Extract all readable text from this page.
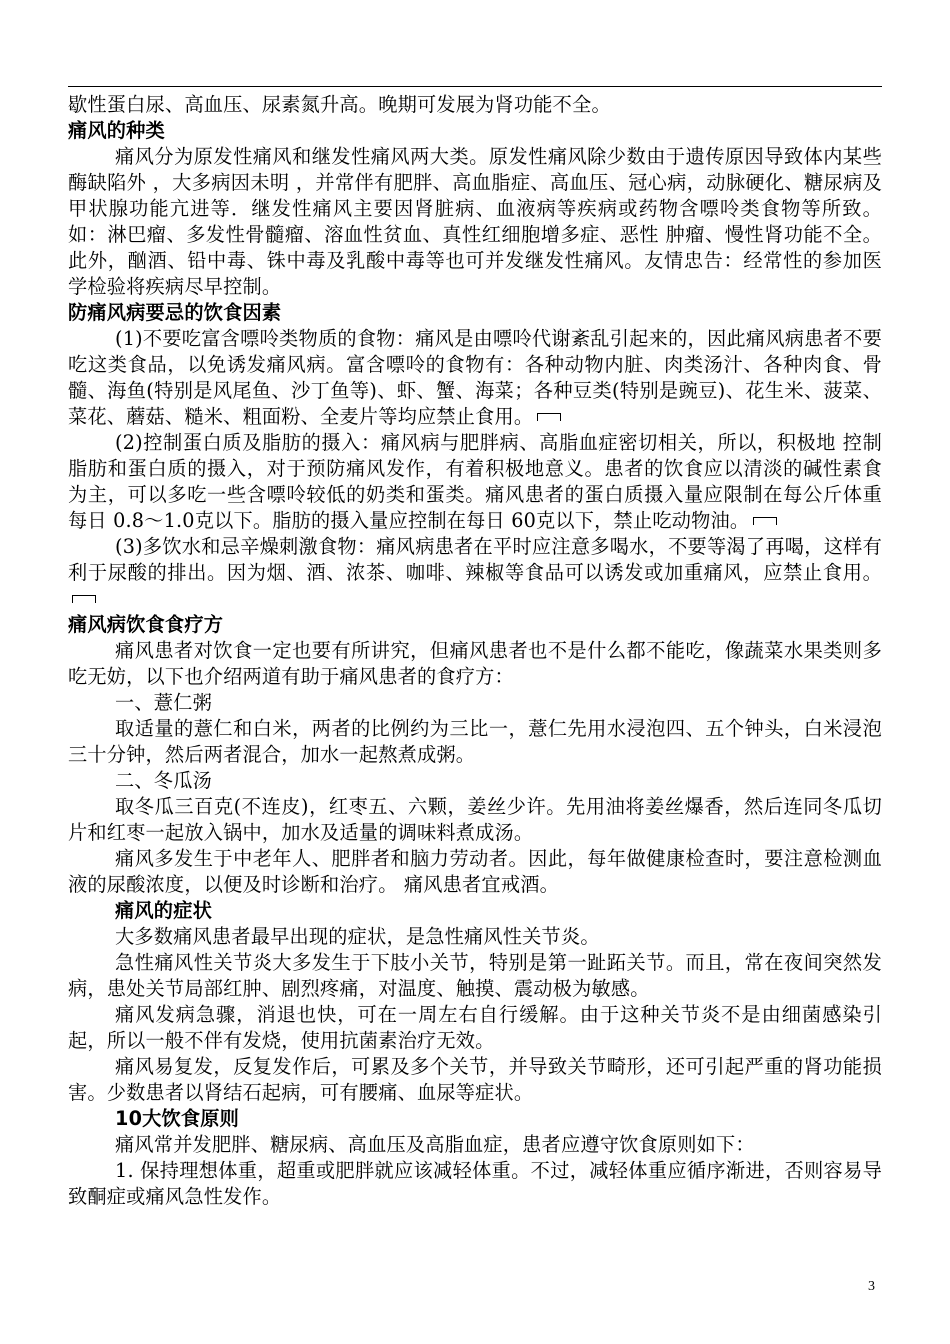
歇性蛋白尿、高血压、尿素氮升高。晚期可发展为肾功能不全。

痛风的种类

痛风分为原发性痛风和继发性痛风两大类。原发性痛风除少数由于遗传原因导致体内某些酶缺陷外 ，大多病因未明 ，并常伴有肥胖、高血脂症、高血压、冠心病，动脉硬化、糖尿病及甲状腺功能亢进等．继发性痛风主要因肾脏病、血液病等疾病或药物含嘌呤类食物等所致。如：淋巴瘤、多发性骨髓瘤、溶血性贫血、真性红细胞增多症、恶性 肿瘤、慢性肾功能不全。此外，酗酒、铅中毒、铢中毒及乳酸中毒等也可并发继发性痛风。友情忠告：经常性的参加医学检验将疾病尽早控制。

防痛风病要忌的饮食因素

(1)不要吃富含嘌呤类物质的食物：痛风是由嘌呤代谢紊乱引起来的，因此痛风病患者不要吃这类食品，以免诱发痛风病。富含嘌呤的食物有：各种动物内脏、肉类汤汁、各种肉食、骨髓、海鱼(特别是风尾鱼、沙丁鱼等)、虾、蟹、海菜；各种豆类(特别是豌豆)、花生米、菠菜、菜花、蘑菇、糙米、粗面粉、全麦片等均应禁止食用。

(2)控制蛋白质及脂肪的摄入：痛风病与肥胖病、高脂血症密切相关，所以，积极地 控制脂肪和蛋白质的摄入，对于预防痛风发作，有着积极地意义。患者的饮食应以清淡的碱性素食为主，可以多吃一些含嘌呤较低的奶类和蛋类。痛风患者的蛋白质摄入量应限制在每公斤体重每日 0.8～1.0克以下。脂肪的摄入量应控制在每日 60克以下，禁止吃动物油。

(3)多饮水和忌辛燥刺激食物：痛风病患者在平时应注意多喝水，不要等渴了再喝，这样有利于尿酸的排出。因为烟、酒、浓茶、咖啡、辣椒等食品可以诱发或加重痛风，应禁止食用。

痛风病饮食食疗方

痛风患者对饮食一定也要有所讲究，但痛风患者也不是什么都不能吃，像蔬菜水果类则多吃无妨，以下也介绍两道有助于痛风患者的食疗方：

一、薏仁粥

取适量的薏仁和白米，两者的比例约为三比一，薏仁先用水浸泡四、五个钟头，白米浸泡三十分钟，然后两者混合，加水一起熬煮成粥。

二、冬瓜汤

取冬瓜三百克(不连皮)，红枣五、六颗，姜丝少许。先用油将姜丝爆香，然后连同冬瓜切片和红枣一起放入锅中，加水及适量的调味料煮成汤。

痛风多发生于中老年人、肥胖者和脑力劳动者。因此，每年做健康检查时，要注意检测血液的尿酸浓度，以便及时诊断和治疗。 痛风患者宜戒酒。

痛风的症状

大多数痛风患者最早出现的症状，是急性痛风性关节炎。

急性痛风性关节炎大多发生于下肢小关节，特别是第一趾跖关节。而且，常在夜间突然发病，患处关节局部红肿、剧烈疼痛，对温度、触摸、震动极为敏感。

痛风发病急骤，消退也快，可在一周左右自行缓解。由于这种关节炎不是由细菌感染引起，所以一般不伴有发烧，使用抗菌素治疗无效。

痛风易复发，反复发作后，可累及多个关节，并导致关节畸形，还可引起严重的肾功能损害。少数患者以肾结石起病，可有腰痛、血尿等症状。

10大饮食原则

痛风常并发肥胖、糖尿病、高血压及高脂血症，患者应遵守饮食原则如下：

1. 保持理想体重，超重或肥胖就应该减轻体重。不过，减轻体重应循序渐进，否则容易导致酮症或痛风急性发作。

3
